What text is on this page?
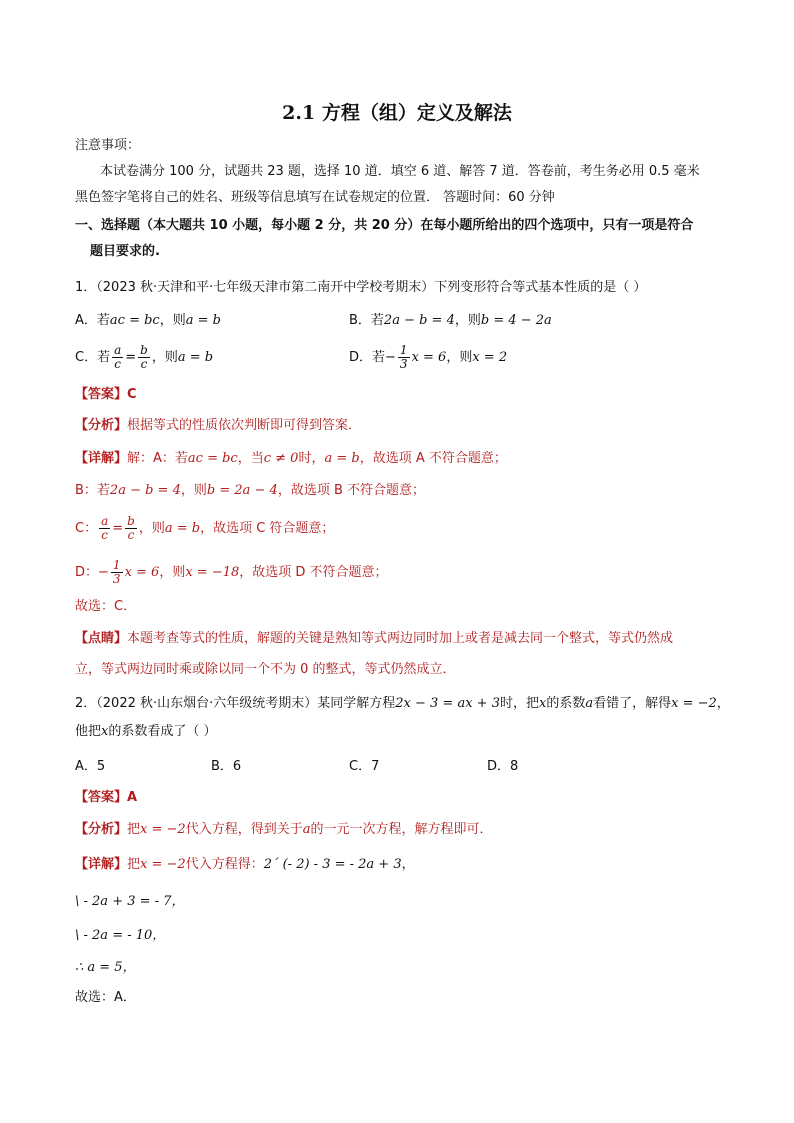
2.1 方程（组）定义及解法
注意事项：
本试卷满分 100 分，试题共 23 题，选择 10 道．填空 6 道、解答 7 道．答卷前，考生务必用 0.5 毫米
黑色签字笔将自己的姓名、班级等信息填写在试卷规定的位置． 答题时间：60 分钟
一、选择题（本大题共 10 小题，每小题 2 分，共 20 分）在每小题所给出的四个选项中，只有一项是符合
题目要求的.
1．（2023 秋·天津和平·七年级天津市第二南开中学校考期末）下列变形符合等式基本性质的是（ ）
A．若ac = bc，则a = b	B．若2a − b = 4，则b = 4 − 2a
C．若 $\frac{a}{c} = \frac{b}{c}$ ，则a = b	D．若− $\frac{1}{3}$ x = 6，则x = 2
【答案】C
【分析】根据等式的性质依次判断即可得到答案．
【详解】解：A：若ac = bc，当c ≠ 0时，a = b，故选项 A 不符合题意；
B：若2a − b = 4，则b = 2a − 4，故选项 B 不符合题意；
C： $\frac{a}{c} = \frac{b}{c}$ ，则a = b，故选项 C 符合题意；
D：− $\frac{1}{3}$ x = 6，则x = −18，故选项 D 不符合题意；
故选：C．
【点睛】本题考查等式的性质，解题的关键是熟知等式两边同时加上或者是减去同一个整式，等式仍然成
立，等式两边同时乘或除以同一个不为 0 的整式，等式仍然成立．
2．（2022 秋·山东烟台·六年级统考期末）某同学解方程2x − 3 = ax + 3时，把x的系数a看错了，解得x = −2，
他把x的系数看成了（ ）
A．5	B．6	C．7	D．8
【答案】A
【分析】把x = −2代入方程，得到关于a的一元一次方程，解方程即可．
【详解】把x = −2代入方程得：2´ (- 2) - 3 = - 2a + 3，
\ - 2a + 3 = - 7，
\ - 2a = - 10，
∴ a = 5，
故选：A．
